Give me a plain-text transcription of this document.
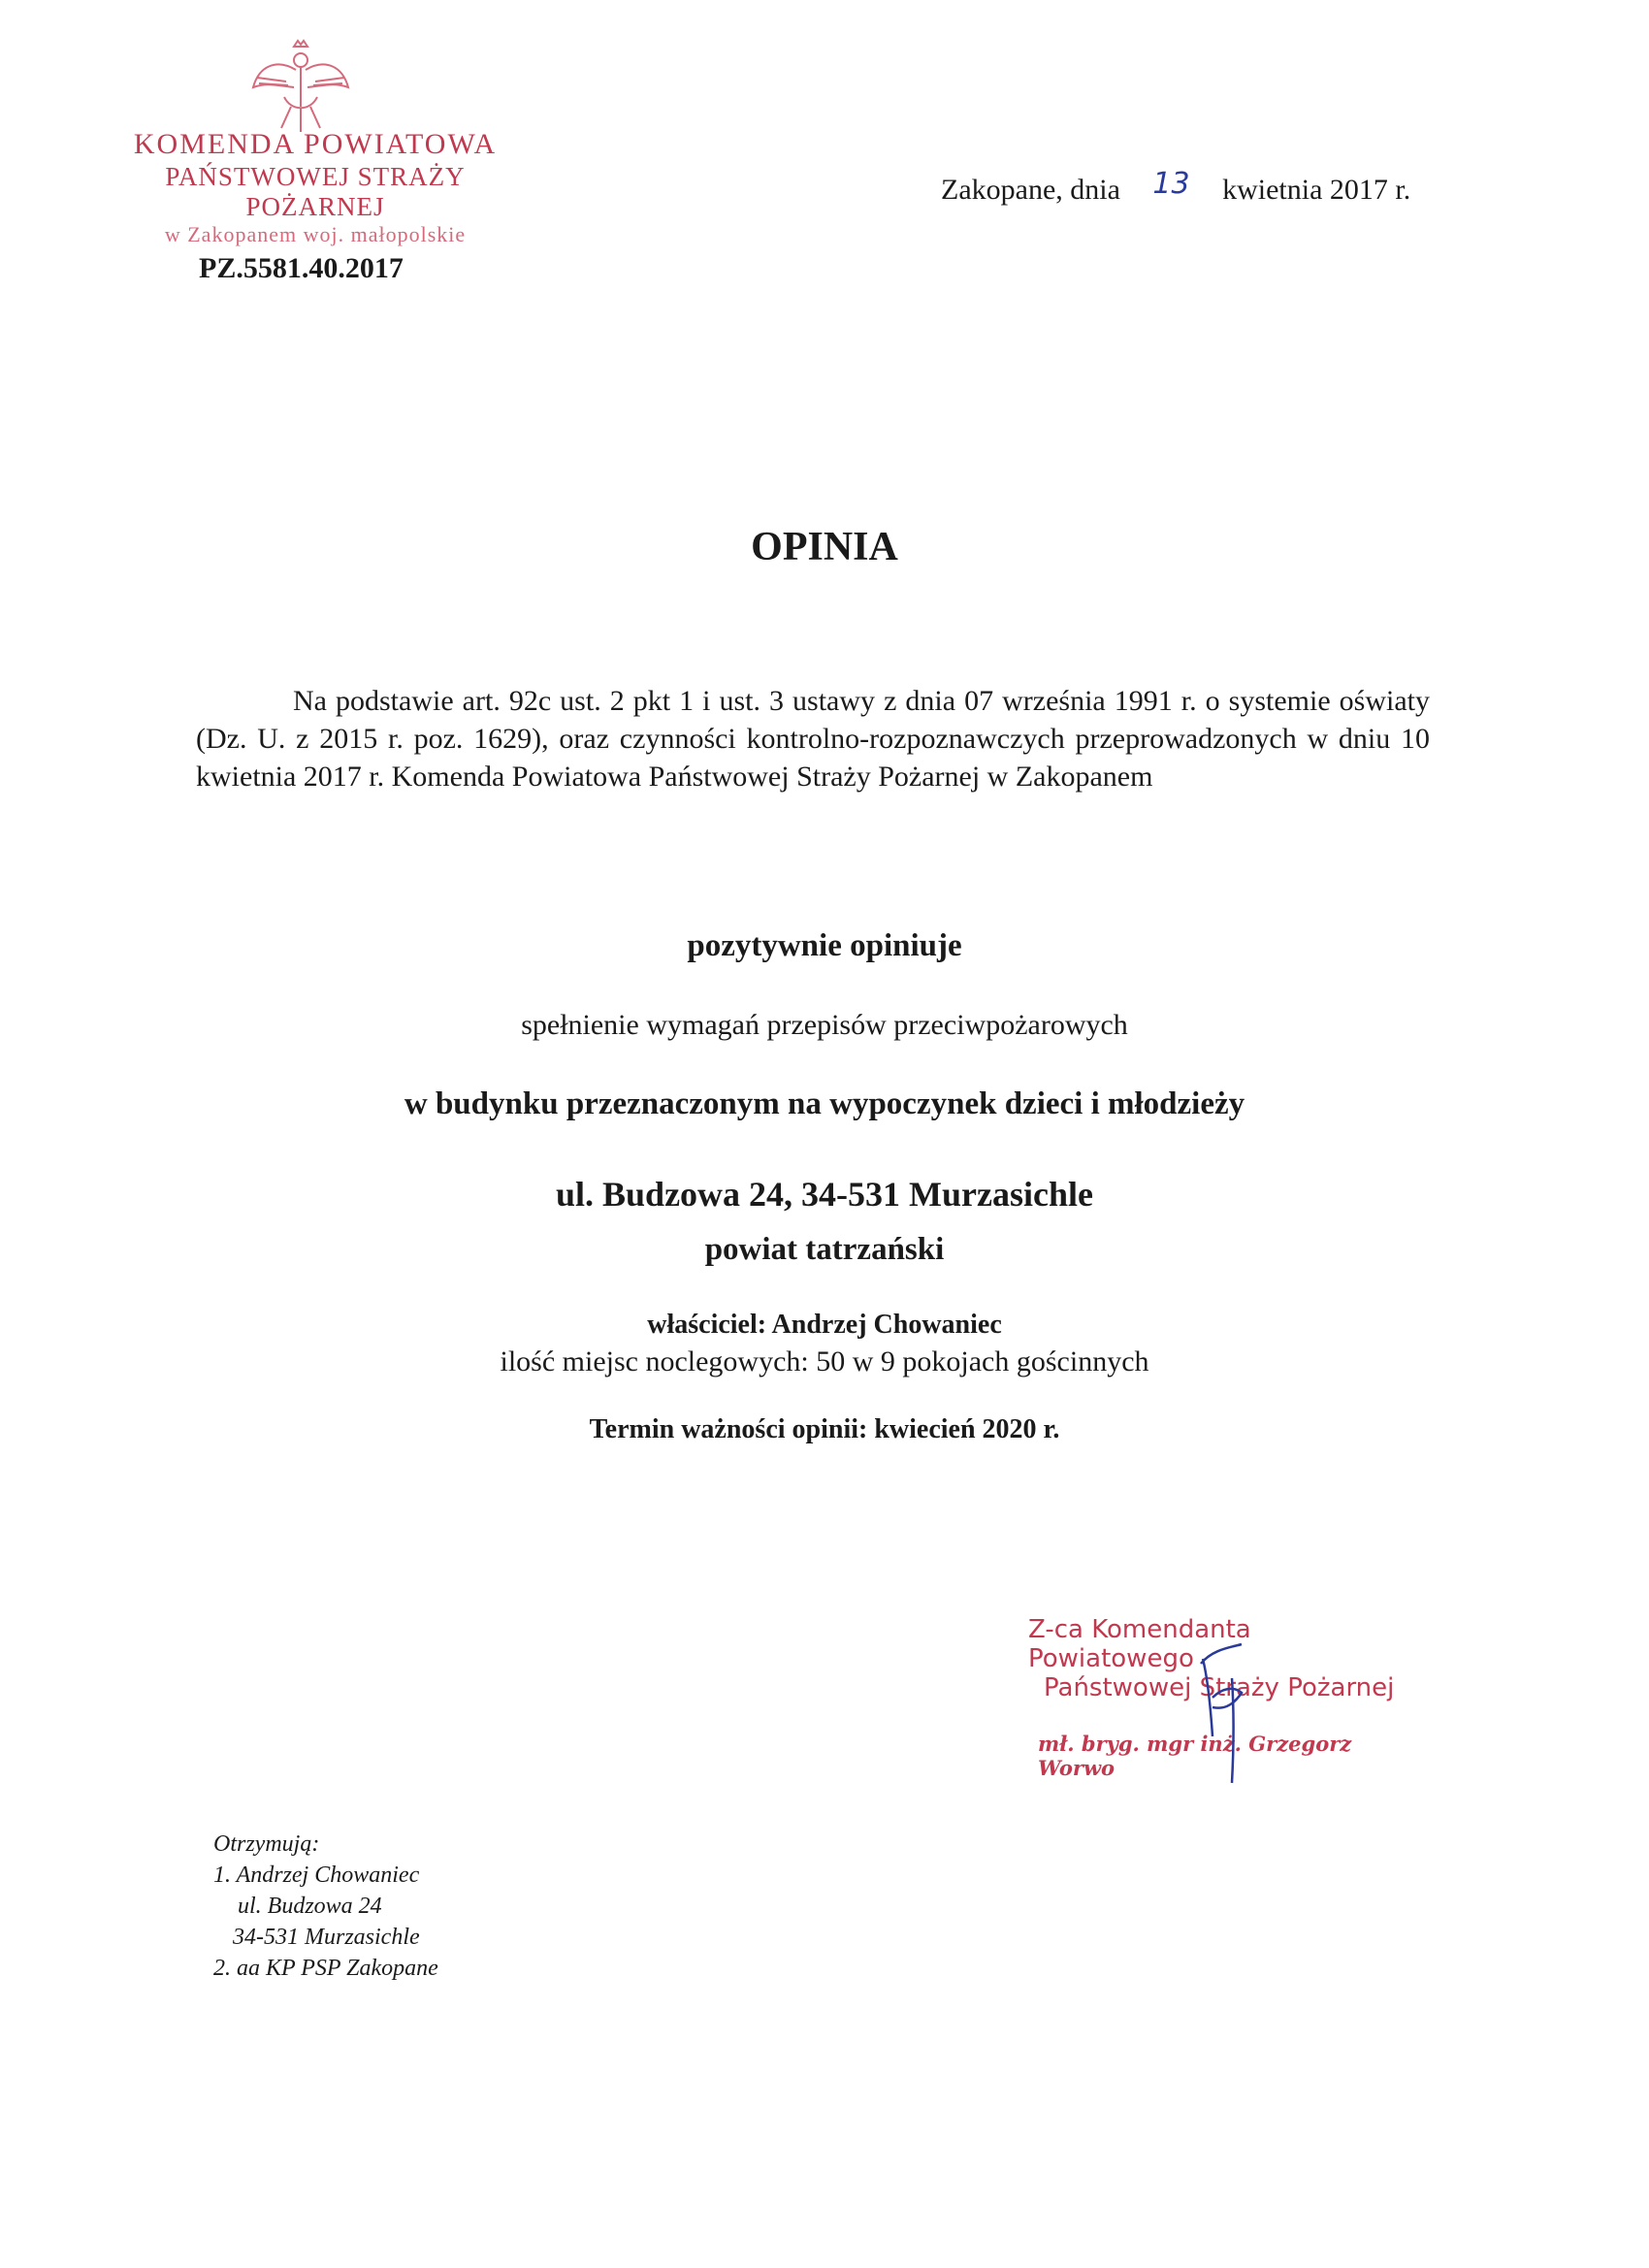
KOMENDA POWIATOWA
PAŃSTWOWEJ STRAŻY POŻARNEJ
w Zakopanem woj. małopolskie
Zakopane, dnia 13 kwietnia 2017 r.
PZ.5581.40.2017
OPINIA
Na podstawie art. 92c ust. 2 pkt 1 i ust. 3 ustawy z dnia 07 września 1991 r. o systemie oświaty (Dz. U. z 2015 r. poz. 1629), oraz czynności kontrolno-rozpoznawczych przeprowadzonych w dniu 10 kwietnia 2017 r. Komenda Powiatowa Państwowej Straży Pożarnej w Zakopanem
pozytywnie opiniuje
spełnienie wymagań przepisów przeciwpożarowych
w budynku przeznaczonym na wypoczynek dzieci i młodzieży
ul. Budzowa 24, 34-531 Murzasichle
powiat tatrzański
właściciel: Andrzej Chowaniec
ilość miejsc noclegowych: 50 w 9 pokojach gościnnych
Termin ważności opinii: kwiecień 2020 r.
Z-ca Komendanta Powiatowego
Państwowej Straży Pożarnej
mł. bryg. mgr inż. Grzegorz Worwo
Otrzymują:
1. Andrzej Chowaniec
ul. Budzowa 24
34-531 Murzasichle
2. aa KP PSP Zakopane
